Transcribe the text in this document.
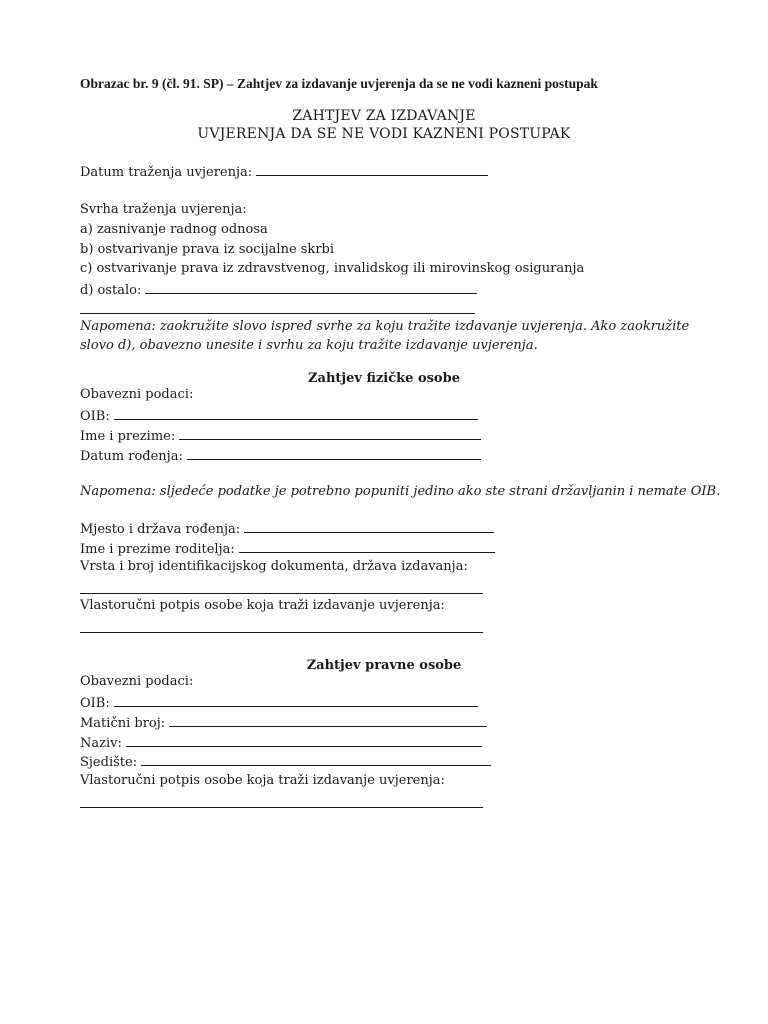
Obrazac br. 9 (čl. 91. SP) – Zahtjev za izdavanje uvjerenja da se ne vodi kazneni postupak
ZAHTJEV ZA IZDAVANJE
UVJERENJA DA SE NE VODI KAZNENI POSTUPAK
Datum traženja uvjerenja:
Svrha traženja uvjerenja:
a) zasnivanje radnog odnosa
b) ostvarivanje prava iz socijalne skrbi
c) ostvarivanje prava iz zdravstvenog, invalidskog ili mirovinskog osiguranja
d) ostalo:
Napomena: zaokružite slovo ispred svrhe za koju tražite izdavanje uvjerenja. Ako zaokružite
slovo d), obavezno unesite i svrhu za koju tražite izdavanje uvjerenja.
Zahtjev fizičke osobe
Obavezni podaci:
OIB:
Ime i prezime:
Datum rođenja:
Napomena: sljedeće podatke je potrebno popuniti jedino ako ste strani državljanin i nemate OIB.
Mjesto i država rođenja:
Ime i prezime roditelja:
Vrsta i broj identifikacijskog dokumenta, država izdavanja:
Vlastoručni potpis osobe koja traži izdavanje uvjerenja:
Zahtjev pravne osobe
Obavezni podaci:
OIB:
Matični broj:
Naziv:
Sjedište:
Vlastoručni potpis osobe koja traži izdavanje uvjerenja:
